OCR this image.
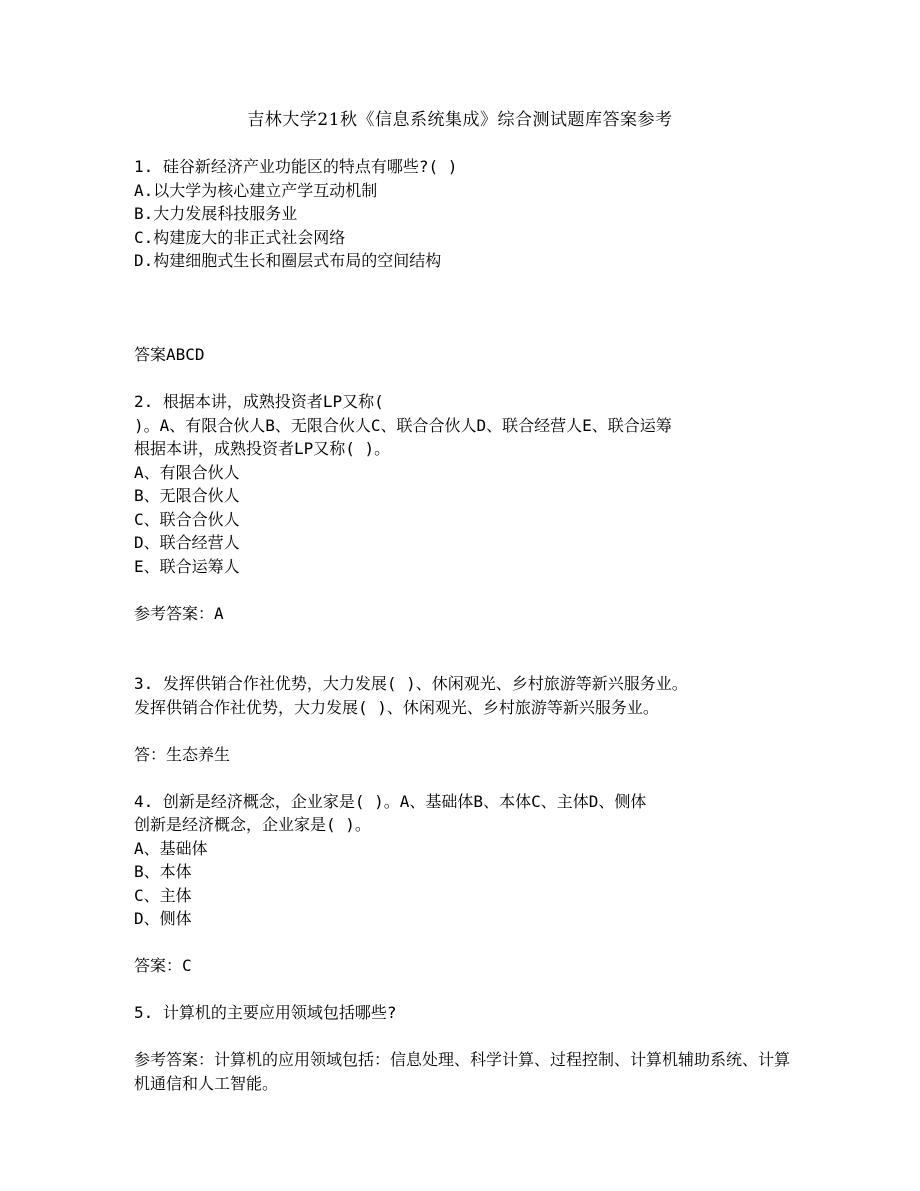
吉林大学21秋《信息系统集成》综合测试题库答案参考

1. 硅谷新经济产业功能区的特点有哪些?( )

A.以大学为核心建立产学互动机制

B.大力发展科技服务业

C.构建庞大的非正式社会网络

D.构建细胞式生长和圈层式布局的空间结构

答案ABCD

2. 根据本讲，成熟投资者LP又称(

)。A、有限合伙人B、无限合伙人C、联合合伙人D、联合经营人E、联合运筹

根据本讲，成熟投资者LP又称( )。

A、有限合伙人

B、无限合伙人

C、联合合伙人

D、联合经营人

E、联合运筹人

参考答案：A

3. 发挥供销合作社优势，大力发展( )、休闲观光、乡村旅游等新兴服务业。

发挥供销合作社优势，大力发展( )、休闲观光、乡村旅游等新兴服务业。

答：生态养生

4. 创新是经济概念，企业家是( )。A、基础体B、本体C、主体D、侧体

创新是经济概念，企业家是( )。

A、基础体

B、本体

C、主体

D、侧体

答案：C

5. 计算机的主要应用领域包括哪些?

参考答案：计算机的应用领域包括：信息处理、科学计算、过程控制、计算机辅助系统、计算机通信和人工智能。
